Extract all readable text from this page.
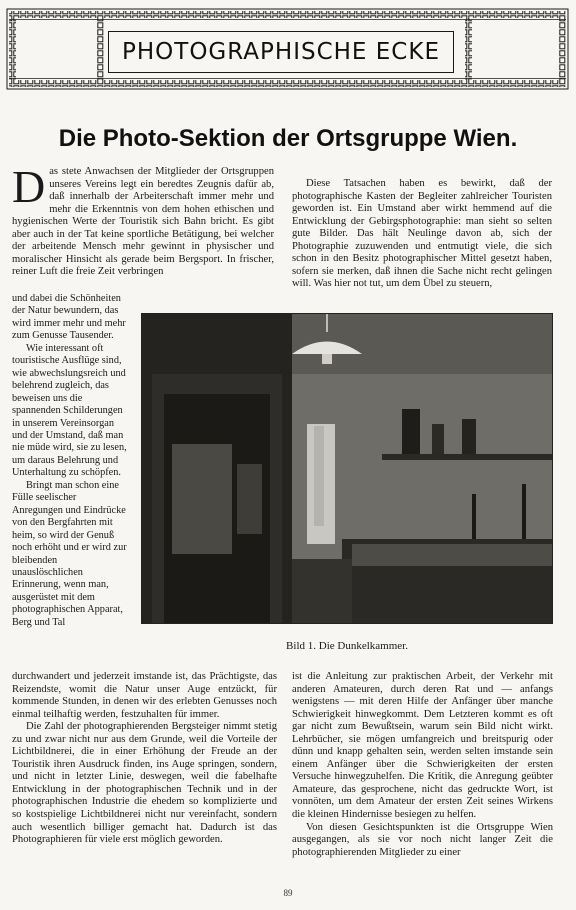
PHOTOGRAPHISCHE ECKE
Die Photo-Sektion der Ortsgruppe Wien.
D as stete Anwachsen der Mitglieder der Ortsgruppen unseres Vereins legt ein beredtes Zeugnis dafür ab, daß innerhalb der Arbeiterschaft immer mehr und mehr die Erkenntnis von dem hohen ethischen und hygienischen Werte der Touristik sich Bahn bricht. Es gibt aber auch in der Tat keine sportliche Betätigung, bei welcher der arbeitende Mensch mehr gewinnt in physischer und moralischer Hinsicht als gerade beim Bergsport. In frischer, reiner Luft die freie Zeit verbringen

Diese Tatsachen haben es bewirkt, daß der photographische Kasten der Begleiter zahlreicher Touristen geworden ist. Ein Umstand aber wirkt hemmend auf die Entwicklung der Gebirgsphotographie: man sieht so selten gute Bilder. Das hält Neulinge davon ab, sich der Photographie zuzuwenden und entmutigt viele, die sich schon in den Besitz photographischer Mittel gesetzt haben, sofern sie merken, daß ihnen die Sache nicht recht gelingen will. Was hier not tut, um dem Übel zu steuern,

und dabei die Schönheiten der Natur bewundern, das wird immer mehr und mehr zum Genusse Tausender.

Wie interessant oft touristische Ausflüge sind, wie abwechslungsreich und belehrend zugleich, das beweisen uns die spannenden Schilderungen in unserem Vereinsorgan und der Umstand, daß man nie müde wird, sie zu lesen, um daraus Belehrung und Unterhaltung zu schöpfen.

Bringt man schon eine Fülle seelischer Anregungen und Eindrücke von den Bergfahrten mit heim, so wird der Genuß noch erhöht und er wird zur bleibenden unauslöschlichen Erinnerung, wenn man, ausgerüstet mit dem photographischen Apparat, Berg und Tal

Bild 1. Die Dunkelkammer.

durchwandert und jederzeit imstande ist, das Prächtigste, das Reizendste, womit die Natur unser Auge entzückt, für kommende Stunden, in denen wir des erlebten Genusses noch einmal teilhaftig werden, festzuhalten für immer.

Die Zahl der photographierenden Bergsteiger nimmt stetig zu und zwar nicht nur aus dem Grunde, weil die Vorteile der Lichtbildnerei, die in einer Erhöhung der Freude an der Touristik ihren Ausdruck finden, ins Auge springen, sondern, und nicht in letzter Linie, deswegen, weil die fabelhafte Entwicklung in der photographischen Technik und in der photographischen Industrie die ehedem so komplizierte und so kostspielige Lichtbildnerei nicht nur vereinfacht, sondern auch wesentlich billiger gemacht hat. Dadurch ist das Photographieren für viele erst möglich geworden.

ist die Anleitung zur praktischen Arbeit, der Verkehr mit anderen Amateuren, durch deren Rat und — anfangs wenigstens — mit deren Hilfe der Anfänger über manche Schwierigkeit hinwegkommt. Dem Letzteren kommt es oft gar nicht zum Bewußtsein, warum sein Bild nicht wirkt. Lehrbücher, sie mögen umfangreich und breitspurig oder dünn und knapp gehalten sein, werden selten imstande sein einem Anfänger über die Schwierigkeiten der ersten Versuche hinwegzuhelfen. Die Kritik, die Anregung geübter Amateure, das gesprochene, nicht das gedruckte Wort, ist vonnöten, um dem Amateur der ersten Zeit seines Wirkens die kleinen Hindernisse besiegen zu helfen.

Von diesen Gesichtspunkten ist die Ortsgruppe Wien ausgegangen, als sie vor noch nicht langer Zeit die photographierenden Mitglieder zu einer

89
